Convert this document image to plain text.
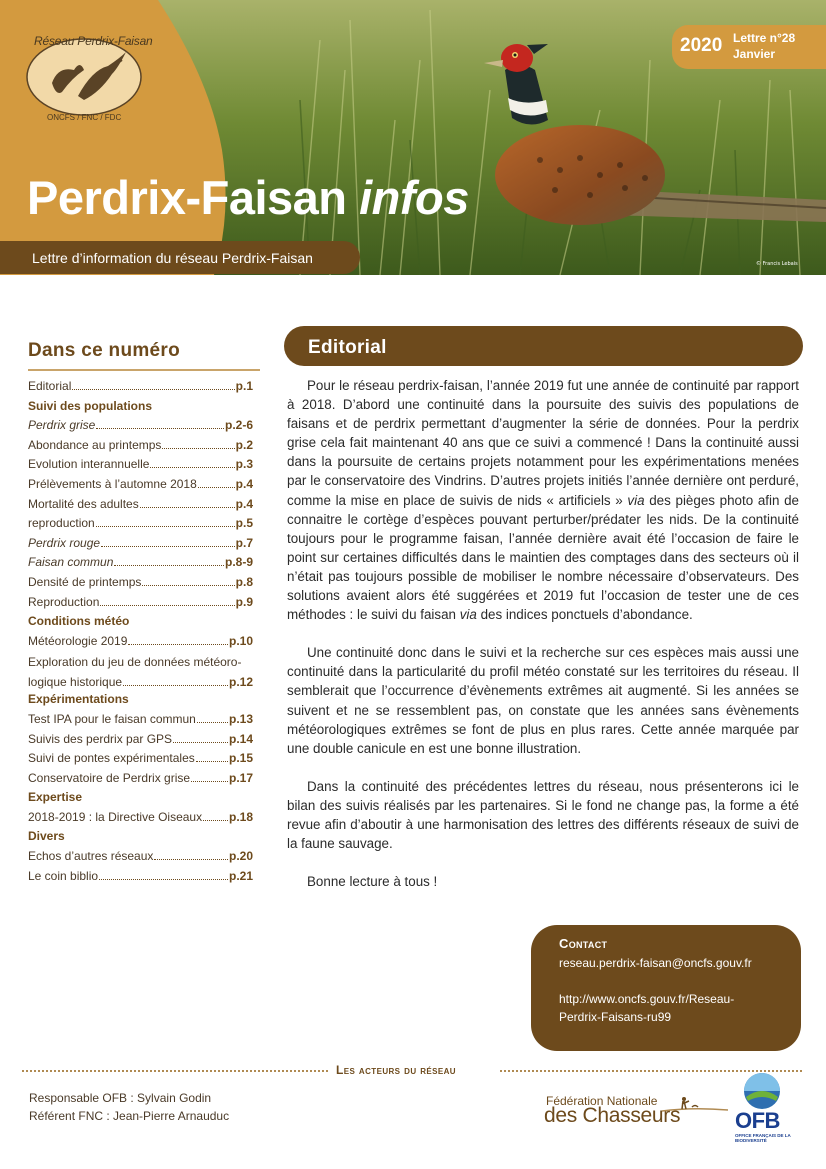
Réseau Perdrix-Faisan
ONCFS / FNC / FDC
Perdrix-Faisan infos
Lettre d’information du réseau Perdrix-Faisan
2020 Lettre n°28
Janvier
© Francis Lebais
Dans ce numéro
Editorial	p.1
Suivi des populations
Perdrix grise	p.2-6
Abondance au printemps	p.2
Evolution interannuelle	p.3
Prélèvements à l’automne 2018	p.4
Mortalité des adultes	p.4
reproduction	p.5
Perdrix rouge	p.7
Faisan commun	p.8-9
Densité de printemps	p.8
Reproduction	p.9
Conditions météo
Météorologie 2019	p.10
Exploration du jeu de données météoro-
logique historique	p.12
Expérimentations
Test IPA pour le faisan commun	p.13
Suivis des perdrix par GPS	p.14
Suivi de pontes expérimentales	p.15
Conservatoire de Perdrix grise	p.17
Expertise
2018-2019 : la Directive Oiseaux p.18
Divers
Echos d’autres réseaux	p.20
Le coin biblio	p.21
Editorial

Pour le réseau perdrix-faisan, l’année 2019 fut une année de continuité par rapport à 2018. D’abord une continuité dans la poursuite des suivis des populations de faisans et de perdrix permettant d’augmenter la série de données. Pour la perdrix grise cela fait maintenant 40 ans que ce suivi a commencé ! Dans la continuité aussi dans la poursuite de certains projets notamment pour les expérimentations menées par le conservatoire des Vindrins. D’autres projets initiés l’année dernière ont perduré, comme la mise en place de suivis de nids « artificiels » via des pièges photo afin de connaitre le cortège d’espèces pouvant perturber/prédater les nids. De la continuité toujours pour le programme faisan, l’année dernière avait été l’occasion de faire le point sur certaines difficultés dans le maintien des comptages dans des secteurs où il n’était pas toujours possible de mobiliser le nombre nécessaire d’observateurs. Des solutions avaient alors été suggérées et 2019 fut l’occasion de tester une de ces méthodes : le suivi du faisan via des indices ponctuels d’abondance.

Une continuité donc dans le suivi et la recherche sur ces espèces mais aussi une continuité dans la particularité du profil météo constaté sur les territoires du réseau. Il semblerait que l’occurrence d’évènements extrêmes ait augmenté. Si les années se suivent et ne se ressemblent pas, on constate que les années sans évènements météorologiques extrêmes se font de plus en plus rares. Cette année marquée par une double canicule en est une bonne illustration.

Dans la continuité des précédentes lettres du réseau, nous présenterons ici le bilan des suivis réalisés par les partenaires. Si le fond ne change pas, la forme a été revue afin d’aboutir à une harmonisation des lettres des différents réseaux de suivi de la faune sauvage.

Bonne lecture à tous !

Contact
reseau.perdrix-faisan@oncfs.gouv.fr
http://www.oncfs.gouv.fr/Reseau-
Perdrix-Faisans-ru99
Les acteurs du réseau
Responsable OFB : Sylvain Godin
Référent FNC : Jean-Pierre Arnauduc
Fédération Nationale
des Chasseurs OFB
OFFICE FRANÇAIS DE LA BIODIVERSITÉ
